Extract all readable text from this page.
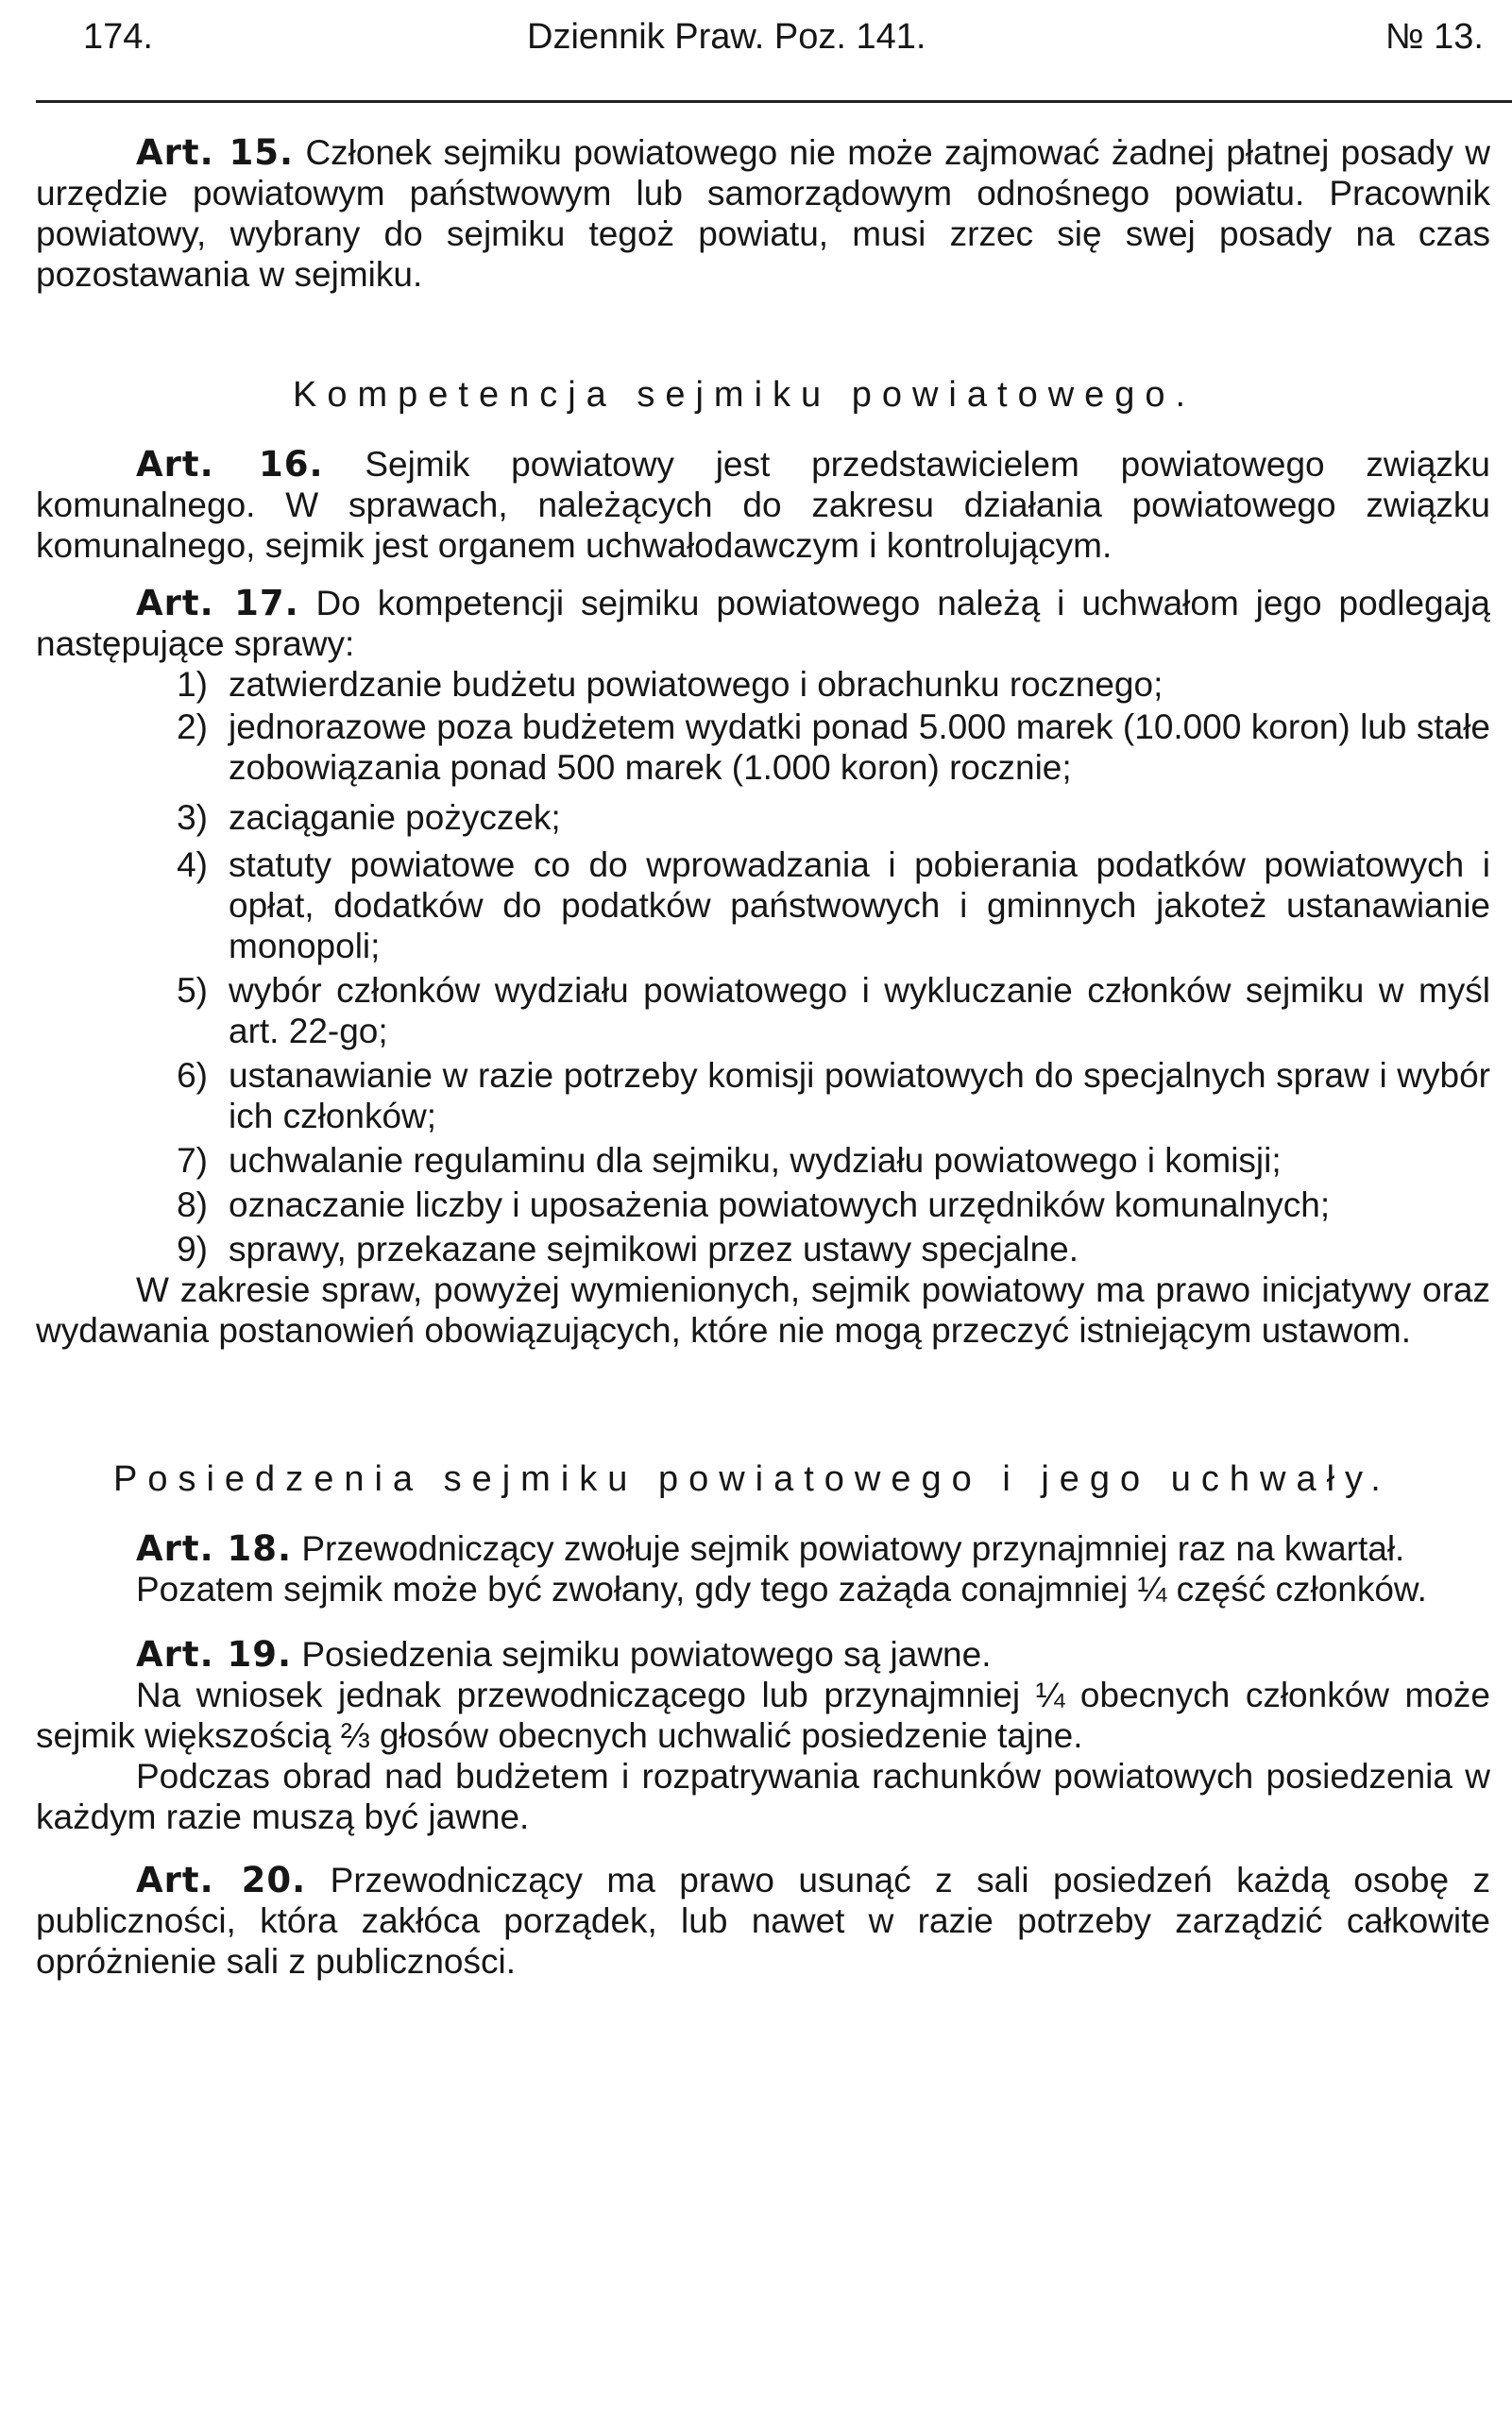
174.	Dziennik Praw. Poz. 141.	№ 13.

Art. 15. Członek sejmiku powiatowego nie może zajmować żadnej płatnej posady w urzędzie powiatowym państwowym lub samorządowym odnośnego powiatu. Pracownik powiatowy, wybrany do sejmiku tegoż powiatu, musi zrzec się swej posady na czas pozostawania w sejmiku.

Kompetencja sejmiku powiatowego.

Art. 16. Sejmik powiatowy jest przedstawicielem powiatowego związku komunalnego. W sprawach, należących do zakresu działania powiatowego związku komunalnego, sejmik jest organem uchwałodawczym i kontrolującym.

Art. 17. Do kompetencji sejmiku powiatowego należą i uchwałom jego podlegają następujące sprawy:

1) zatwierdzanie budżetu powiatowego i obrachunku rocznego;
2) jednorazowe poza budżetem wydatki ponad 5.000 marek (10.000 koron) lub stałe zobowiązania ponad 500 marek (1.000 koron) rocznie;
3) zaciąganie pożyczek;
4) statuty powiatowe co do wprowadzania i pobierania podatków powiatowych i opłat, dodatków do podatków państwowych i gminnych jakoteż ustanawianie monopoli;
5) wybór członków wydziału powiatowego i wykluczanie członków sejmiku w myśl art. 22-go;
6) ustanawianie w razie potrzeby komisji powiatowych do specjalnych spraw i wybór ich członków;
7) uchwalanie regulaminu dla sejmiku, wydziału powiatowego i komisji;
8) oznaczanie liczby i uposażenia powiatowych urzędników komunalnych;
9) sprawy, przekazane sejmikowi przez ustawy specjalne.

W zakresie spraw, powyżej wymienionych, sejmik powiatowy ma prawo inicjatywy oraz wydawania postanowień obowiązujących, które nie mogą przeczyć istniejącym ustawom.

Posiedzenia sejmiku powiatowego i jego uchwały.

Art. 18. Przewodniczący zwołuje sejmik powiatowy przynajmniej raz na kwartał.

Pozatem sejmik może być zwołany, gdy tego zażąda conajmniej ¼ część członków.

Art. 19. Posiedzenia sejmiku powiatowego są jawne.

Na wniosek jednak przewodniczącego lub przynajmniej ¼ obecnych członków może sejmik większością ⅔ głosów obecnych uchwalić posiedzenie tajne.

Podczas obrad nad budżetem i rozpatrywania rachunków powiatowych posiedzenia w każdym razie muszą być jawne.

Art. 20. Przewodniczący ma prawo usunąć z sali posiedzeń każdą osobę z publiczności, która zakłóca porządek, lub nawet w razie potrzeby zarządzić całkowite opróżnienie sali z publiczności.
